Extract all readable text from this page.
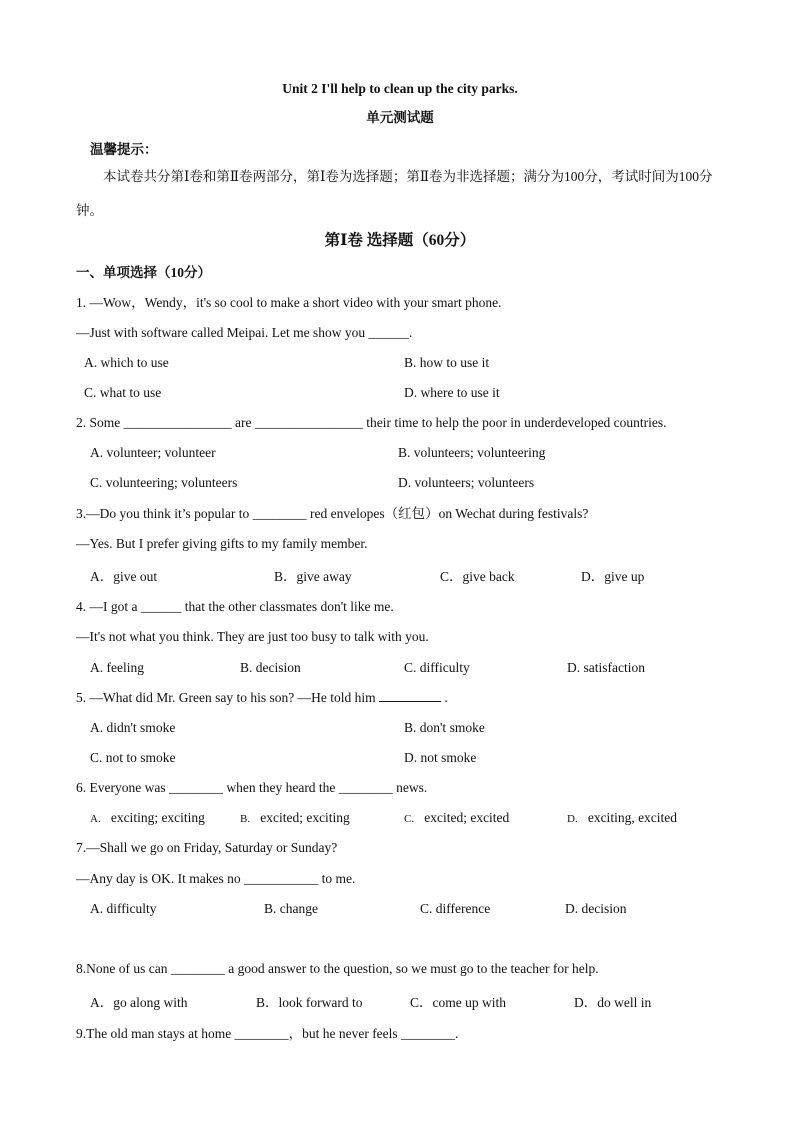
Unit 2 I'll help to clean up the city parks.
单元测试题
温馨提示：
本试卷共分第Ⅰ卷和第Ⅱ卷两部分，第Ⅰ卷为选择题；第Ⅱ卷为非选择题；满分为100分，考试时间为100分钟。
第Ⅰ卷 选择题（60分）
一、单项选择（10分）
1. —Wow，Wendy，it's so cool to make a short video with your smart phone.
—Just with software called Meipai. Let me show you ______.
A. which to use	B. how to use it
C. what to use	D. where to use it
2. Some ________________ are ________________ their time to help the poor in underdeveloped countries.
A. volunteer; volunteer	B. volunteers; volunteering
C. volunteering; volunteers	D. volunteers; volunteers
3.—Do you think it’s popular to ________ red envelopes（红包）on Wechat during festivals?
—Yes. But I prefer giving gifts to my family member.
A．give out	B．give away	C．give back	D．give up
4. —I got a ______ that the other classmates don't like me.
—It's not what you think. They are just too busy to talk with you.
A. feeling	B. decision	C. difficulty	D. satisfaction
5. —What did Mr. Green say to his son? —He told him	.
A. didn't smoke	B. don't smoke
C. not to smoke	D. not smoke
6. Everyone was ________ when they heard the ________ news.
A. exciting; exciting	B. excited; exciting	C. excited; excited	D. exciting, excited
7.—Shall we go on Friday, Saturday or Sunday?
—Any day is OK. It makes no ___________ to me.
A. difficulty	B. change	C. difference	D. decision
8.None of us can ________ a good answer to the question, so we must go to the teacher for help.
A．go along with	B．look forward to	C．come up with	D．do well in
9.The old man stays at home ________，but he never feels ________.
